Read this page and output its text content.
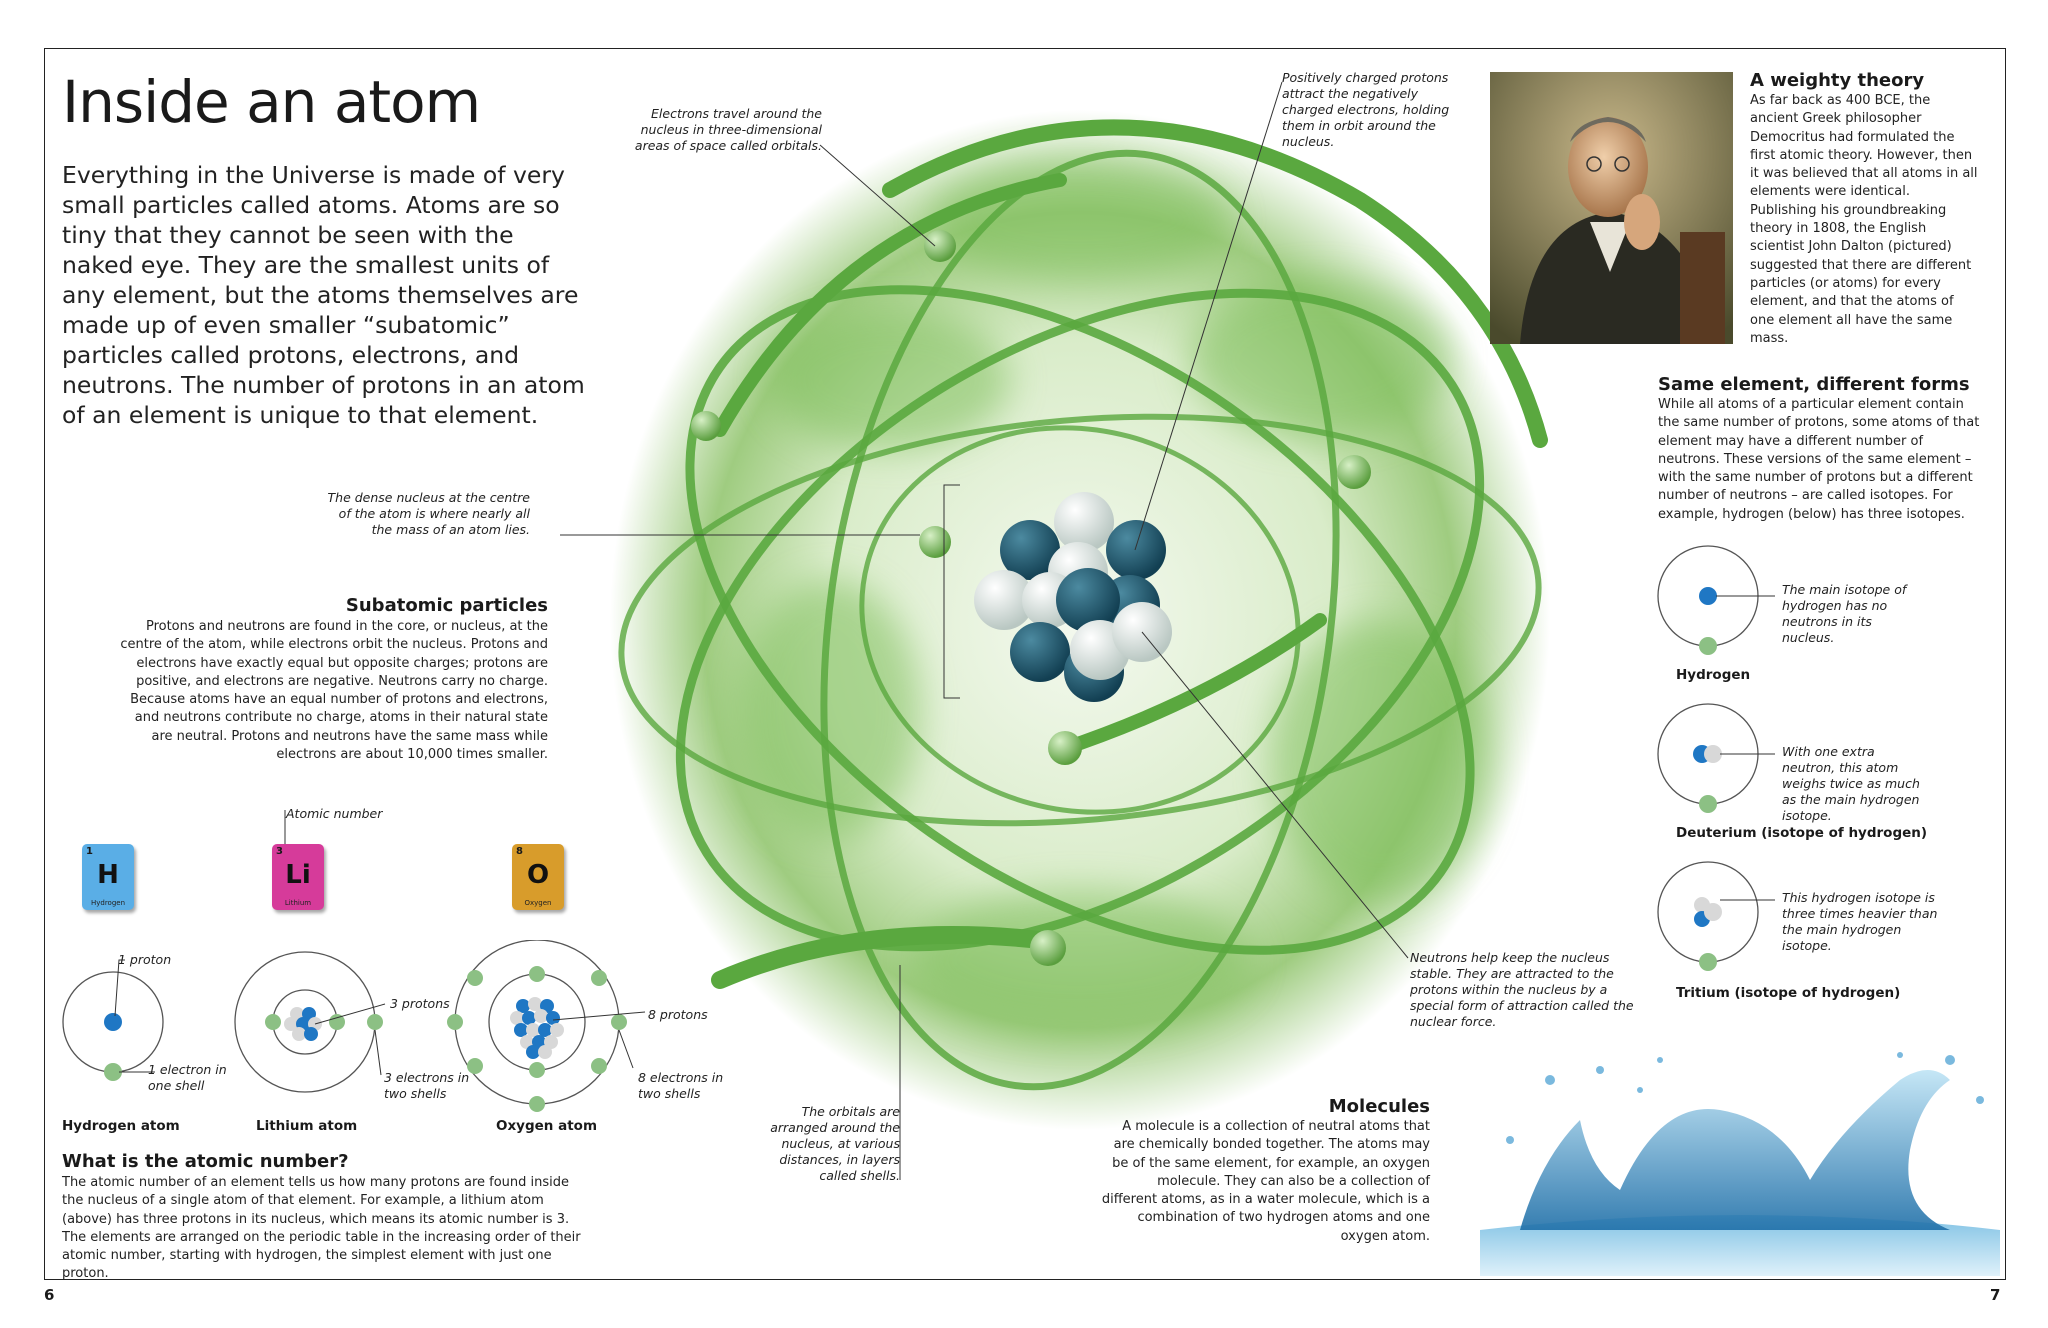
Inside an atom
Everything in the Universe is made of very small particles called atoms. Atoms are so tiny that they cannot be seen with the naked eye. They are the smallest units of any element, but the atoms themselves are made up of even smaller “subatomic” particles called protons, electrons, and neutrons. The number of protons in an atom of an element is unique to that element.
Electrons travel around the nucleus in three-dimensional areas of space called orbitals.
Positively charged protons attract the negatively charged electrons, holding them in orbit around the nucleus.
The dense nucleus at the centre of the atom is where nearly all the mass of an atom lies.
Neutrons help keep the nucleus stable. They are attracted to the protons within the nucleus by a special form of attraction called the nuclear force.
The orbitals are arranged around the nucleus, at various distances, in layers called shells.
Subatomic particles
Protons and neutrons are found in the core, or nucleus, at the centre of the atom, while electrons orbit the nucleus. Protons and electrons have exactly equal but opposite charges; protons are positive, and electrons are negative. Neutrons carry no charge. Because atoms have an equal number of protons and electrons, and neutrons contribute no charge, atoms in their natural state are neutral. Protons and neutrons have the same mass while electrons are about 10,000 times smaller.
Atomic number
1
H
Hydrogen
3
Li
Lithium
8
O
Oxygen
1 proton
1 electron in one shell
3 protons
3 electrons in two shells
8 protons
8 electrons in two shells
Hydrogen atom	Lithium atom	Oxygen atom
What is the atomic number?
The atomic number of an element tells us how many protons are found inside the nucleus of a single atom of that element. For example, a lithium atom (above) has three protons in its nucleus, which means its atomic number is 3. The elements are arranged on the periodic table in the increasing order of their atomic number, starting with hydrogen, the simplest element with just one proton.
6
A weighty theory
As far back as 400 BCE, the ancient Greek philosopher Democritus had formulated the first atomic theory. However, then it was believed that all atoms in all elements were identical. Publishing his groundbreaking theory in 1808, the English scientist John Dalton (pictured) suggested that there are different particles (or atoms) for every element, and that the atoms of one element all have the same mass.
Same element, different forms
While all atoms of a particular element contain the same number of protons, some atoms of that element may have a different number of neutrons. These versions of the same element – with the same number of protons but a different number of neutrons – are called isotopes. For example, hydrogen (below) has three isotopes.
The main isotope of hydrogen has no neutrons in its nucleus.
Hydrogen
With one extra neutron, this atom weighs twice as much as the main hydrogen isotope.
Deuterium (isotope of hydrogen)
This hydrogen isotope is three times heavier than the main hydrogen isotope.
Tritium (isotope of hydrogen)
Molecules
A molecule is a collection of neutral atoms that are chemically bonded together. The atoms may be of the same element, for example, an oxygen molecule. They can also be a collection of different atoms, as in a water molecule, which is a combination of two hydrogen atoms and one oxygen atom.
7
